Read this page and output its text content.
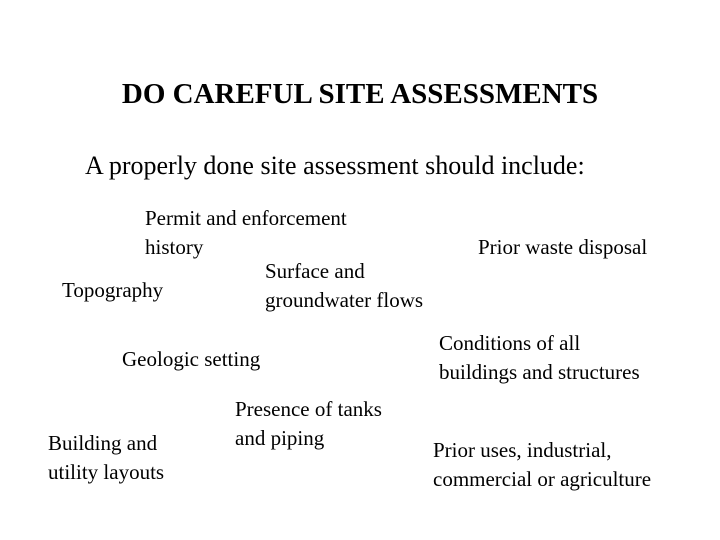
DO CAREFUL SITE ASSESSMENTS
A properly done site assessment should include:
Permit and enforcement
history	Prior waste disposal
Surface and
groundwater flows
Topography
Geologic setting
Conditions of all
buildings and structures
Presence of tanks
and piping
Building and
utility layouts
Prior uses, industrial,
commercial or agriculture
